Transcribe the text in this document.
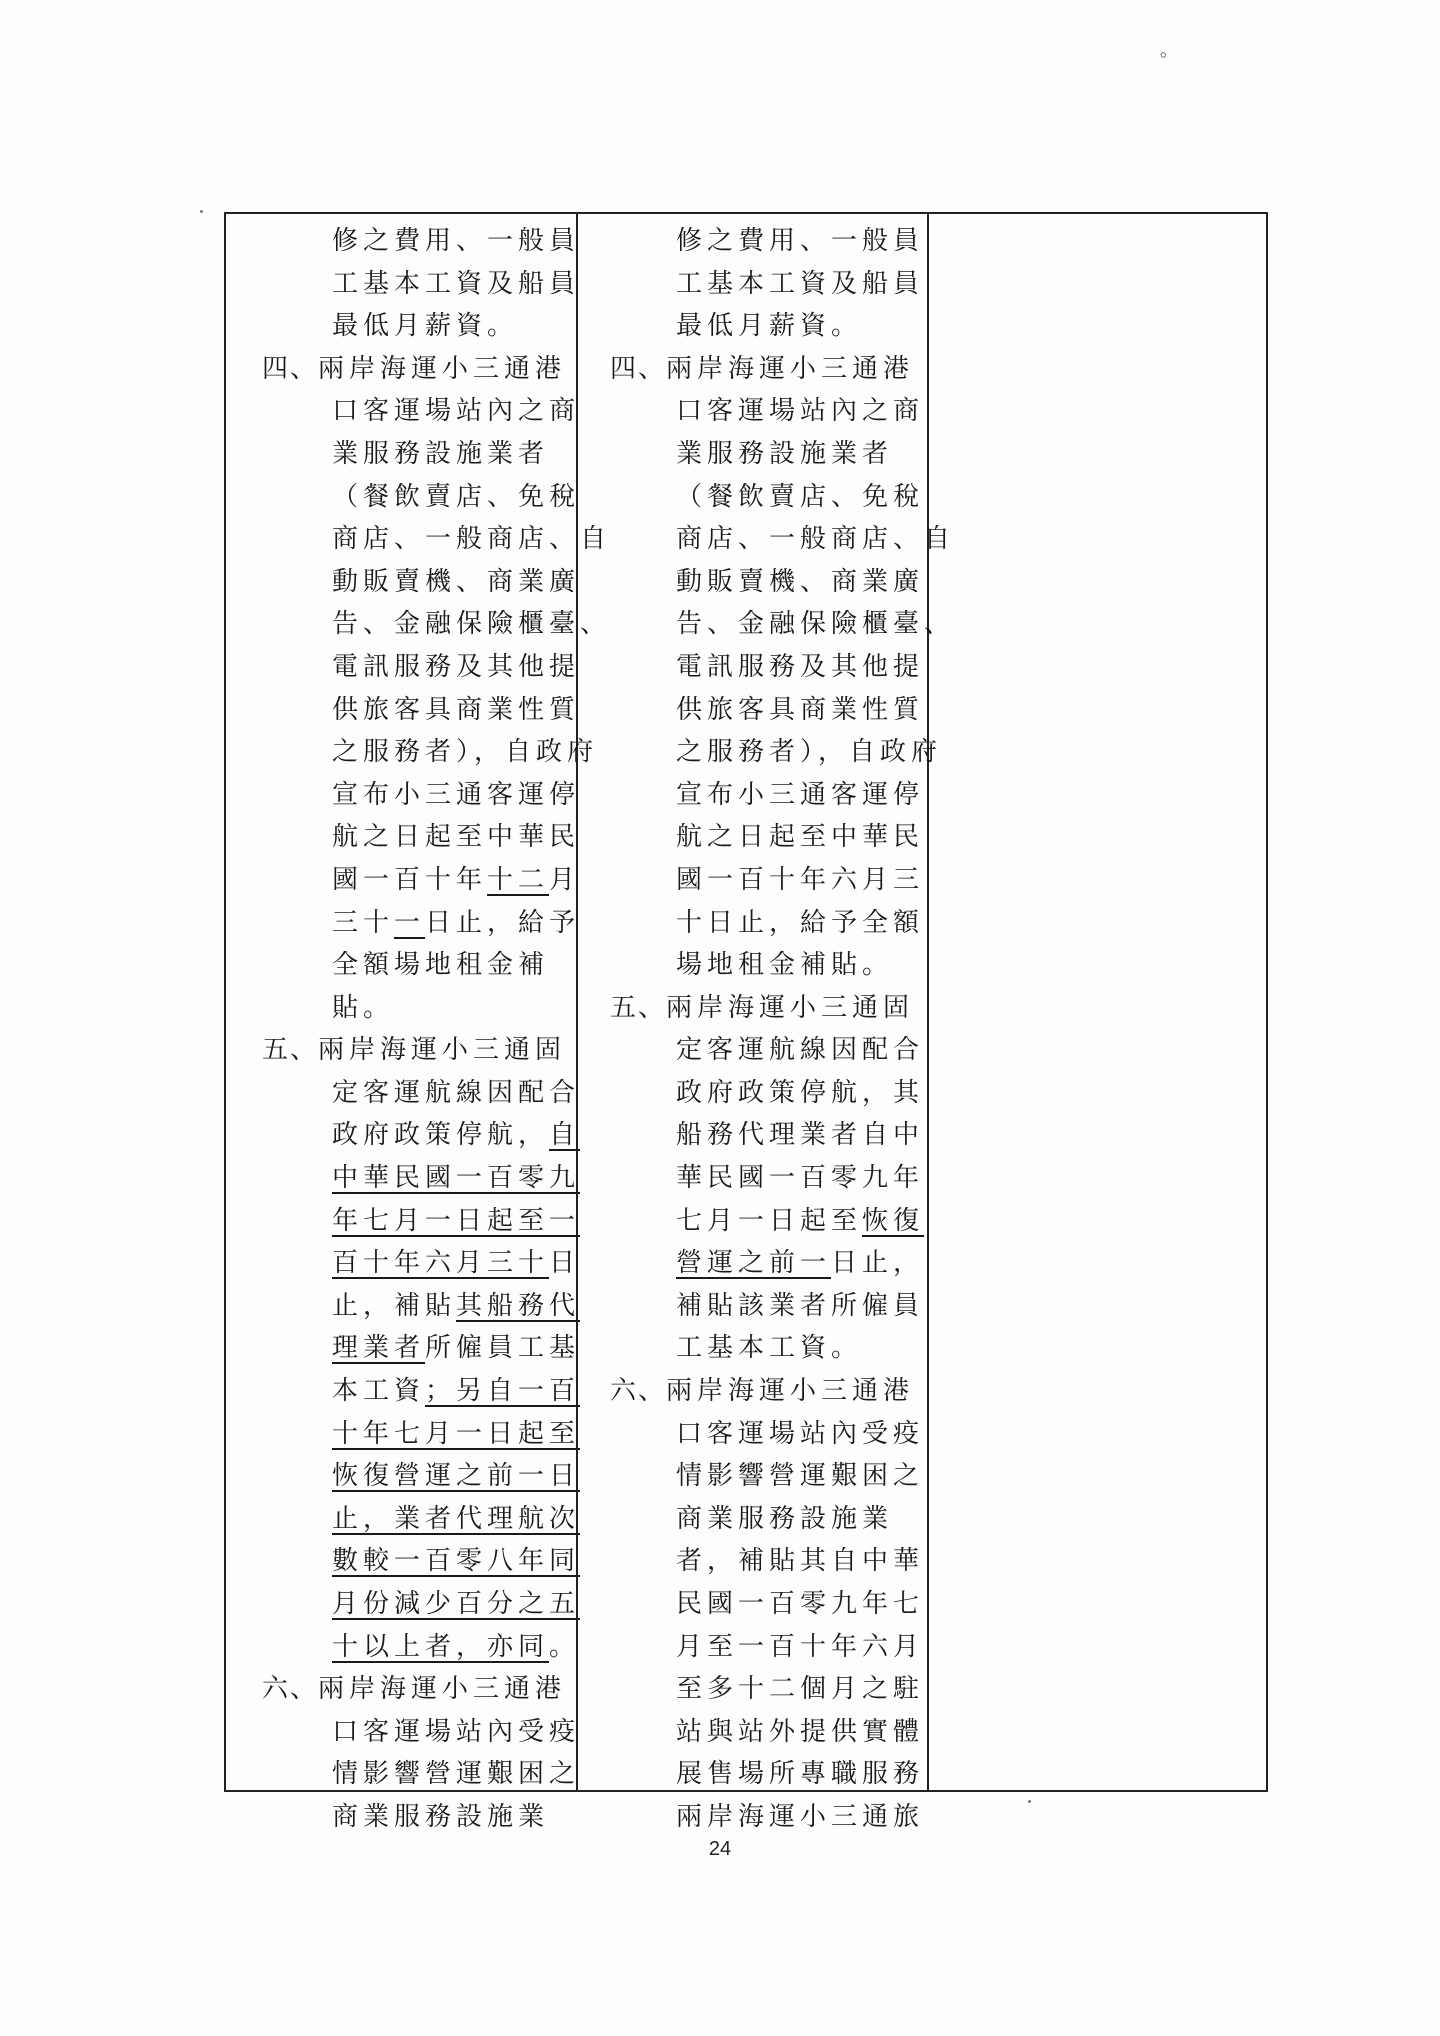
。
修之費用、一般員
工基本工資及船員
最低月薪資。
四、兩岸海運小三通港
口客運場站內之商
業服務設施業者
（餐飲賣店、免稅
商店、一般商店、自
動販賣機、商業廣
告、金融保險櫃臺、
電訊服務及其他提
供旅客具商業性質
之服務者），自政府
宣布小三通客運停
航之日起至中華民
國一百十年十二月
三十一日止，給予
全額場地租金補
貼。
五、兩岸海運小三通固
定客運航線因配合
政府政策停航，自
中華民國一百零九
年七月一日起至一
百十年六月三十日
止，補貼其船務代
理業者所僱員工基
本工資；另自一百
十年七月一日起至
恢復營運之前一日
止，業者代理航次
數較一百零八年同
月份減少百分之五
十以上者，亦同。
六、兩岸海運小三通港
口客運場站內受疫
情影響營運艱困之
商業服務設施業
修之費用、一般員
工基本工資及船員
最低月薪資。
四、兩岸海運小三通港
口客運場站內之商
業服務設施業者
（餐飲賣店、免稅
商店、一般商店、自
動販賣機、商業廣
告、金融保險櫃臺、
電訊服務及其他提
供旅客具商業性質
之服務者），自政府
宣布小三通客運停
航之日起至中華民
國一百十年六月三
十日止，給予全額
場地租金補貼。
五、兩岸海運小三通固
定客運航線因配合
政府政策停航，其
船務代理業者自中
華民國一百零九年
七月一日起至恢復
營運之前一日止，
補貼該業者所僱員
工基本工資。
六、兩岸海運小三通港
口客運場站內受疫
情影響營運艱困之
商業服務設施業
者，補貼其自中華
民國一百零九年七
月至一百十年六月
至多十二個月之駐
站與站外提供實體
展售場所專職服務
兩岸海運小三通旅
24
